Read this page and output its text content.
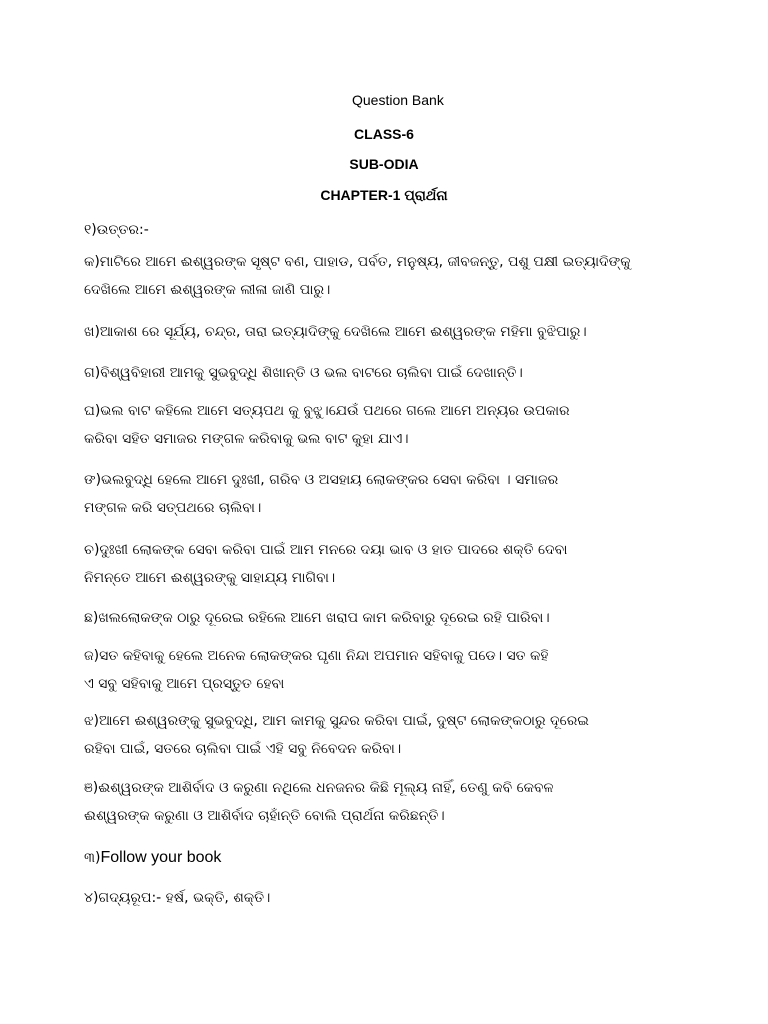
Question Bank
CLASS-6
SUB-ODIA
CHAPTER-1 ପ୍ରାର୍ଥନା
୧)ଉତ୍ତର:-
କ)ମାଟିରେ ଆମେ ଈଶ୍ୱରଙ୍କ ସୃଷ୍ଟ ବଣ, ପାହାଡ, ପର୍ବତ, ମନୁଷ୍ୟ, ଜୀବଜନ୍ତୁ, ପଶୁ ପକ୍ଷୀ ଇତ୍ୟାଦିଙ୍କୁ
ଦେଖିଲେ ଆମେ ଈଶ୍ୱରଙ୍କ ଲୀଳା ଜାଣି ପାରୁ।
ଖ)ଆକାଶ ରେ ସୂର୍ଯ୍ୟ, ଚନ୍ଦ୍ର, ତାରା ଇତ୍ୟାଦିଙ୍କୁ ଦେଖିଲେ ଆମେ ଈଶ୍ୱରଙ୍କ ମହିମା ବୁଝିପାରୁ।
ଗ)ବିଶ୍ୱବିହାରୀ ଆମକୁ ସୁଭବୁଦ୍ଧି ଶିଖାନ୍ତି ଓ ଭଲ ବାଟରେ ଚାଲିବା ପାଇଁ ଦେଖାନ୍ତି।
ଘ)ଭଲ ବାଟ କହିଲେ ଆମେ ସତ୍ୟପଥ କୁ ବୁଝୁ।ଯେଉଁ ପଥରେ ଗଲେ ଆମେ ଅନ୍ୟର ଉପକାର
କରିବା ସହିତ ସମାଜର ମଙ୍ଗଳ କରିବାକୁ ଭଲ ବାଟ କୁହା ଯାଏ।
ଙ)ଭଲବୁଦ୍ଧି ହେଲେ ଆମେ ଦୁଃଖୀ, ଗରିବ ଓ ଅସହାୟ ଲୋକଙ୍କର ସେବା କରିବା । ସମାଜର
ମଙ୍ଗଳ କରି ସତ୍ପଥରେ ଚାଲିବା।
ଚ)ଦୁଃଖୀ ଲୋକଙ୍କ ସେବା କରିବା ପାଇଁ ଆମ ମନରେ ଦୟା ଭାବ ଓ ହାତ ପାଦରେ ଶକ୍ତି ଦେବା
ନିମନ୍ତେ ଆମେ ଈଶ୍ୱରଙ୍କୁ ସାହାଯ୍ୟ ମାଗିବା।
ଛ)ଖଲଲୋକଙ୍କ ଠାରୁ ଦୂରେଇ ରହିଲେ ଆମେ ଖରାପ କାମ କରିବାରୁ ଦୂରେଇ ରହି ପାରିବା।
ଜ)ସତ କହିବାକୁ ହେଲେ ଅନେକ ଲୋକଙ୍କର ଘୃଣା ନିନ୍ଦା ଅପମାନ ସହିବାକୁ ପଡେ। ସତ କହି
ଏ ସବୁ ସହିବାକୁ ଆମେ ପ୍ରସ୍ତୁତ ହେବା
ଝ)ଆମେ ଈଶ୍ୱରଙ୍କୁ ସୁଭବୁଦ୍ଧି, ଆମ କାମକୁ ସୁନ୍ଦର କରିବା ପାଇଁ, ଦୁଷ୍ଟ ଲୋକଙ୍କଠାରୁ ଦୂରେଇ
ରହିବା ପାଇଁ, ସତରେ ଚାଲିବା ପାଇଁ ଏହି ସବୁ ନିବେଦନ କରିବା।
ଞ)ଈଶ୍ୱରଙ୍କ ଆଶିର୍ବାଦ ଓ କରୁଣା ନଥିଲେ ଧନଜନର କିଛି ମୂଲ୍ୟ ନାହିଁ, ତେଣୁ କବି କେବଳ
ଈଶ୍ୱରଙ୍କ କରୁଣା ଓ ଆଶିର୍ବାଦ ଚାହାଁନ୍ତି ବୋଲି ପ୍ରାର୍ଥନା କରିଛନ୍ତି।
୩)Follow your book
୪)ଗଦ୍ୟରୂପ:- ହର୍ଷ, ଭକ୍ତି, ଶକ୍ତି।
